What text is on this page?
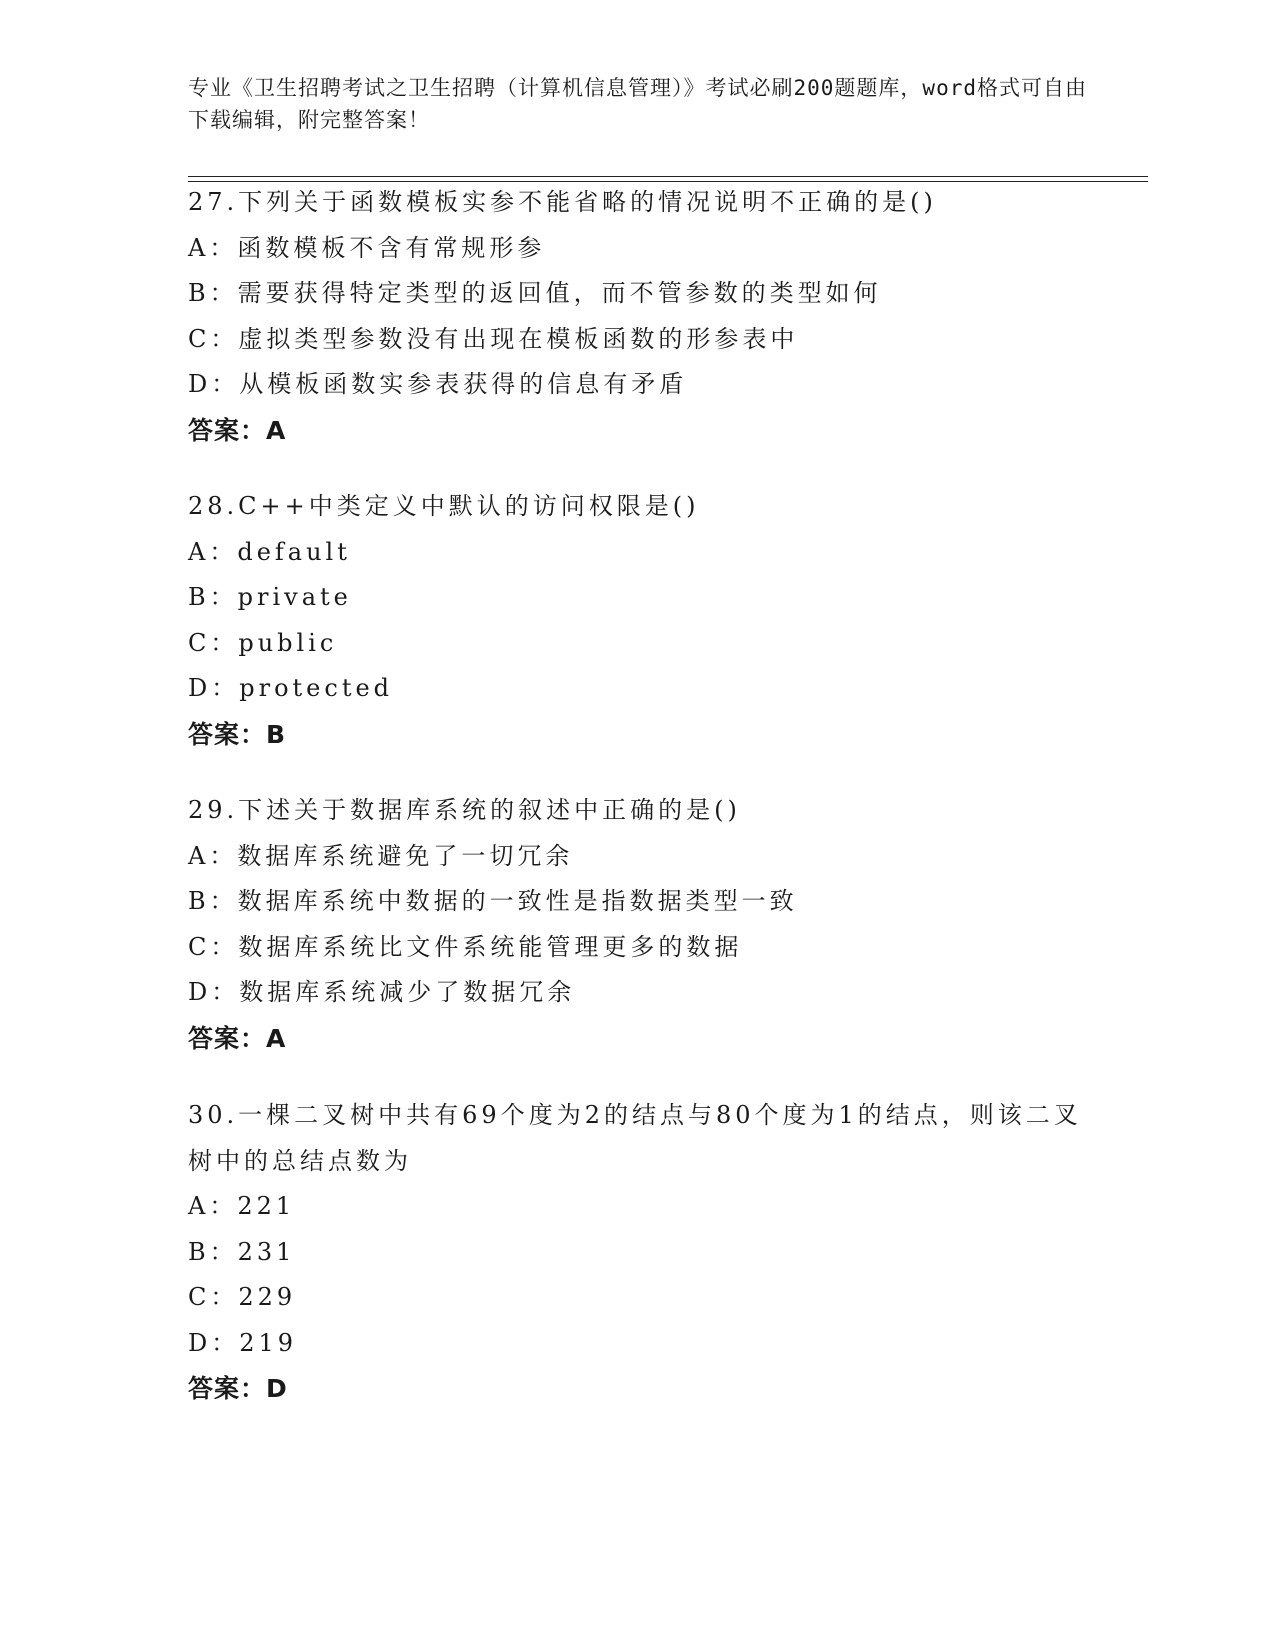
专业《卫生招聘考试之卫生招聘（计算机信息管理）》考试必刷200题题库，word格式可自由下载编辑，附完整答案！
27.下列关于函数模板实参不能省略的情况说明不正确的是()
A：函数模板不含有常规形参
B：需要获得特定类型的返回值，而不管参数的类型如何
C：虚拟类型参数没有出现在模板函数的形参表中
D：从模板函数实参表获得的信息有矛盾
答案：A
28.C++中类定义中默认的访问权限是()
A：default
B：private
C：public
D：protected
答案：B
29.下述关于数据库系统的叙述中正确的是()
A：数据库系统避免了一切冗余
B：数据库系统中数据的一致性是指数据类型一致
C：数据库系统比文件系统能管理更多的数据
D：数据库系统减少了数据冗余
答案：A
30.一棵二叉树中共有69个度为2的结点与80个度为1的结点，则该二叉树中的总结点数为
A：221
B：231
C：229
D：219
答案：D
